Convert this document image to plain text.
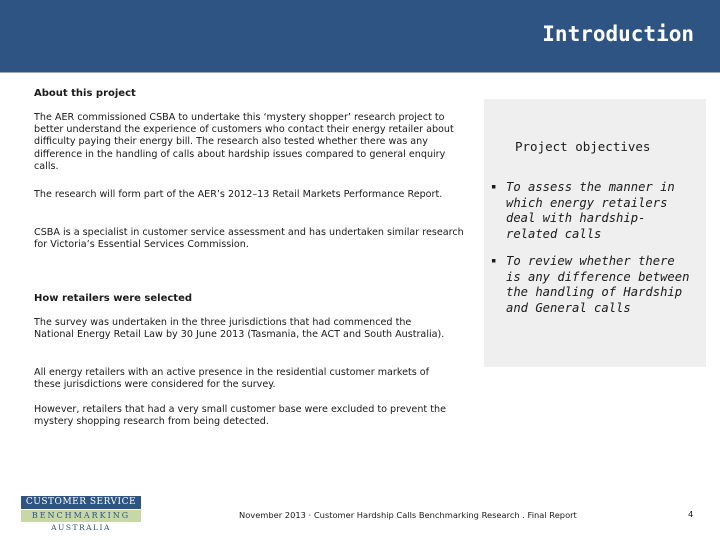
Introduction
About this project

The AER commissioned CSBA to undertake this ‘mystery shopper’ research project to better understand the experience of customers who contact their energy retailer about difficulty paying their energy bill. The research also tested whether there was any difference in the handling of calls about hardship issues compared to general enquiry calls.

The research will form part of the AER’s 2012–13 Retail Markets Performance Report.

CSBA is a specialist in customer service assessment and has undertaken similar research for Victoria’s Essential Services Commission.

How retailers were selected

The survey was undertaken in the three jurisdictions that had commenced the National Energy Retail Law by 30 June 2013 (Tasmania, the ACT and South Australia).

All energy retailers with an active presence in the residential customer markets of these jurisdictions were considered for the survey.

However, retailers that had a very small customer base were excluded to prevent the mystery shopping research from being detected.

Project objectives
▪ To assess the manner in which energy retailers deal with hardship-related calls
▪ To review whether there is any difference between the handling of Hardship and General calls
CUSTOMER SERVICE
BENCHMARKING
AUSTRALIA
November 2013 · Customer Hardship Calls Benchmarking Research . Final Report	4
